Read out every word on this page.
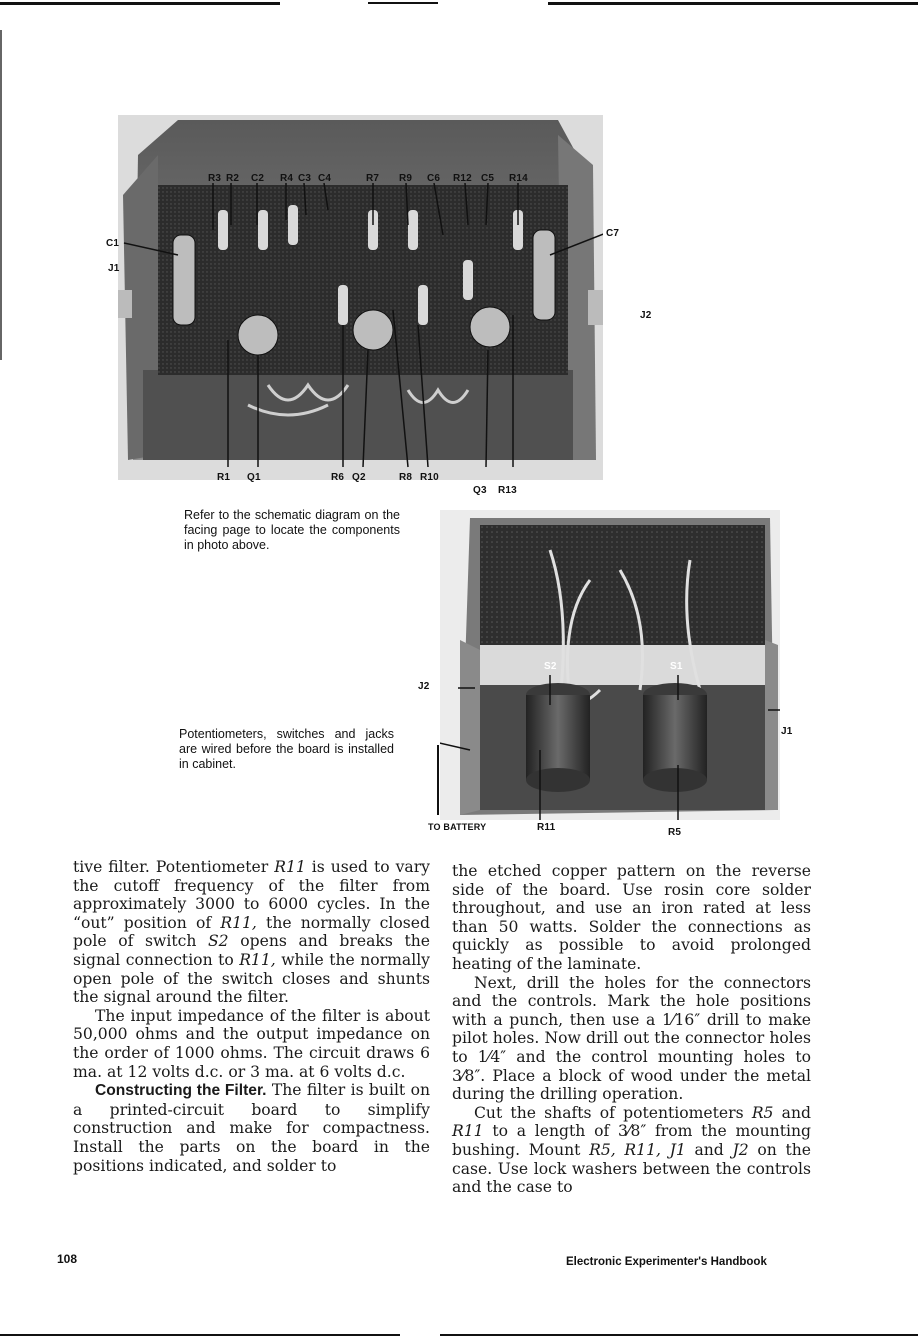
R3 R2 C2 R4 C3 C4	R7 R9 C6 R12 C5 R14
C1
J1
C7
J2
R1 Q1	R6 Q2	R8 R10
Q3 R13
Refer to the schematic diagram on the facing page to locate the components in photo above.
Potentiometers, switches and jacks are wired before the board is installed in cabinet.
S2	S1
J2
J1
TO BATTERY	R11	R5

tive filter. Potentiometer R11 is used to vary the cutoff frequency of the filter from approximately 3000 to 6000 cycles. In the “out” position of R11, the normally closed pole of switch S2 opens and breaks the signal connection to R11, while the normally open pole of the switch closes and shunts the signal around the filter.

The input impedance of the filter is about 50,000 ohms and the output impedance on the order of 1000 ohms. The circuit draws 6 ma. at 12 volts d.c. or 3 ma. at 6 volts d.c.

Constructing the Filter. The filter is built on a printed-circuit board to simplify construction and make for compactness. Install the parts on the board in the positions indicated, and solder to

the etched copper pattern on the reverse side of the board. Use rosin core solder throughout, and use an iron rated at less than 50 watts. Solder the connections as quickly as possible to avoid prolonged heating of the laminate.

Next, drill the holes for the connectors and the controls. Mark the hole positions with a punch, then use a 1⁄16″ drill to make pilot holes. Now drill out the connector holes to 1⁄4″ and the control mounting holes to 3⁄8″. Place a block of wood under the metal during the drilling operation.

Cut the shafts of potentiometers R5 and R11 to a length of 3⁄8″ from the mounting bushing. Mount R5, R11, J1 and J2 on the case. Use lock washers between the controls and the case to

108	Electronic Experimenter's Handbook
